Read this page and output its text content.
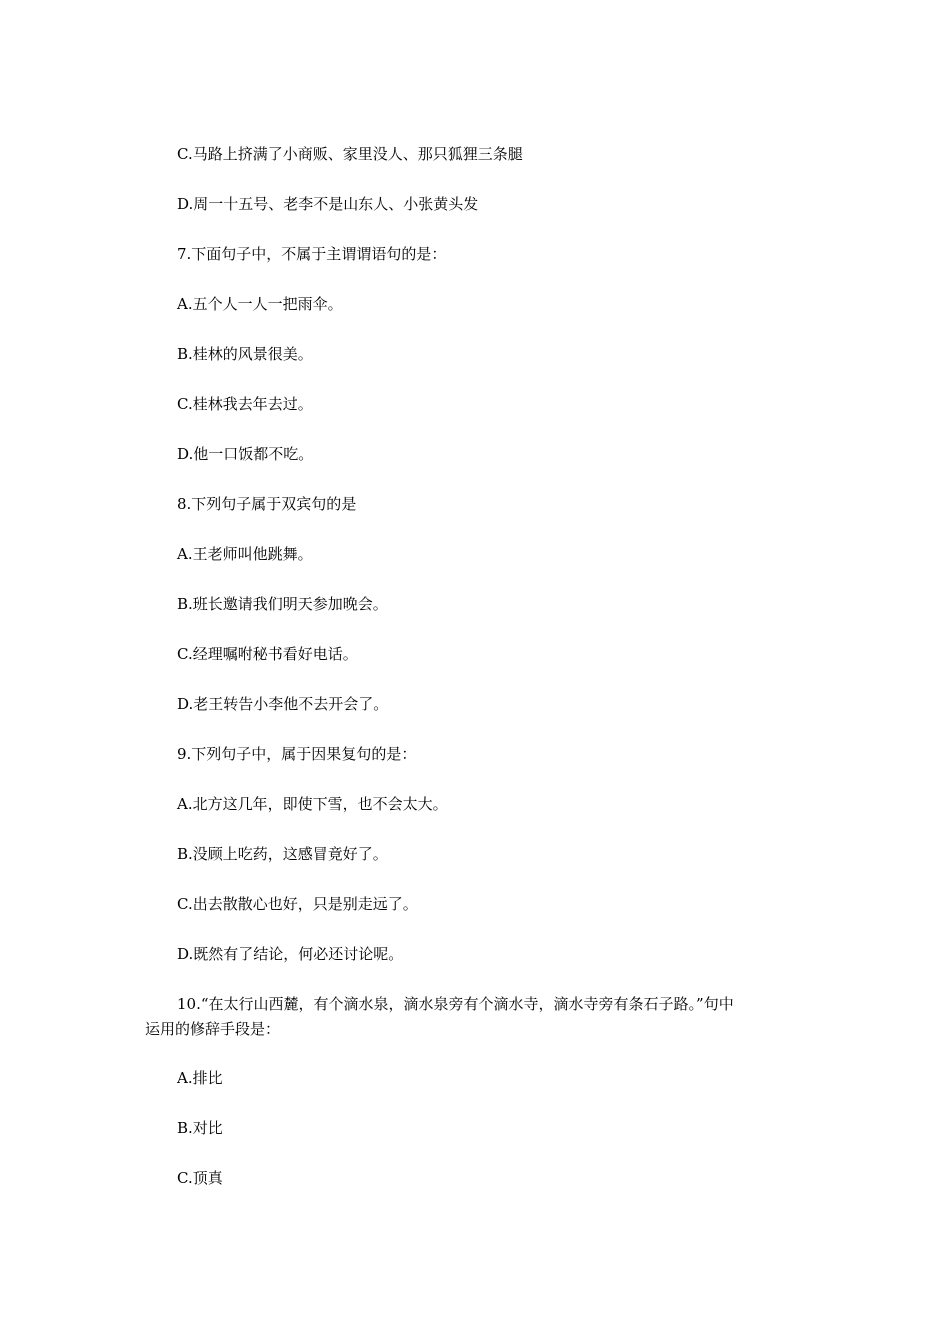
C.马路上挤满了小商贩、家里没人、那只狐狸三条腿
D.周一十五号、老李不是山东人、小张黄头发
7.下面句子中，不属于主谓谓语句的是：
A.五个人一人一把雨伞。
B.桂林的风景很美。
C.桂林我去年去过。
D.他一口饭都不吃。
8.下列句子属于双宾句的是
A.王老师叫他跳舞。
B.班长邀请我们明天参加晚会。
C.经理嘱咐秘书看好电话。
D.老王转告小李他不去开会了。
9.下列句子中，属于因果复句的是：
A.北方这几年，即使下雪，也不会太大。
B.没顾上吃药，这感冒竟好了。
C.出去散散心也好，只是别走远了。
D.既然有了结论，何必还讨论呢。
10.“在太行山西麓，有个滴水泉，滴水泉旁有个滴水寺，滴水寺旁有条石子路。”句中
运用的修辞手段是：
A.排比
B.对比
C.顶真
